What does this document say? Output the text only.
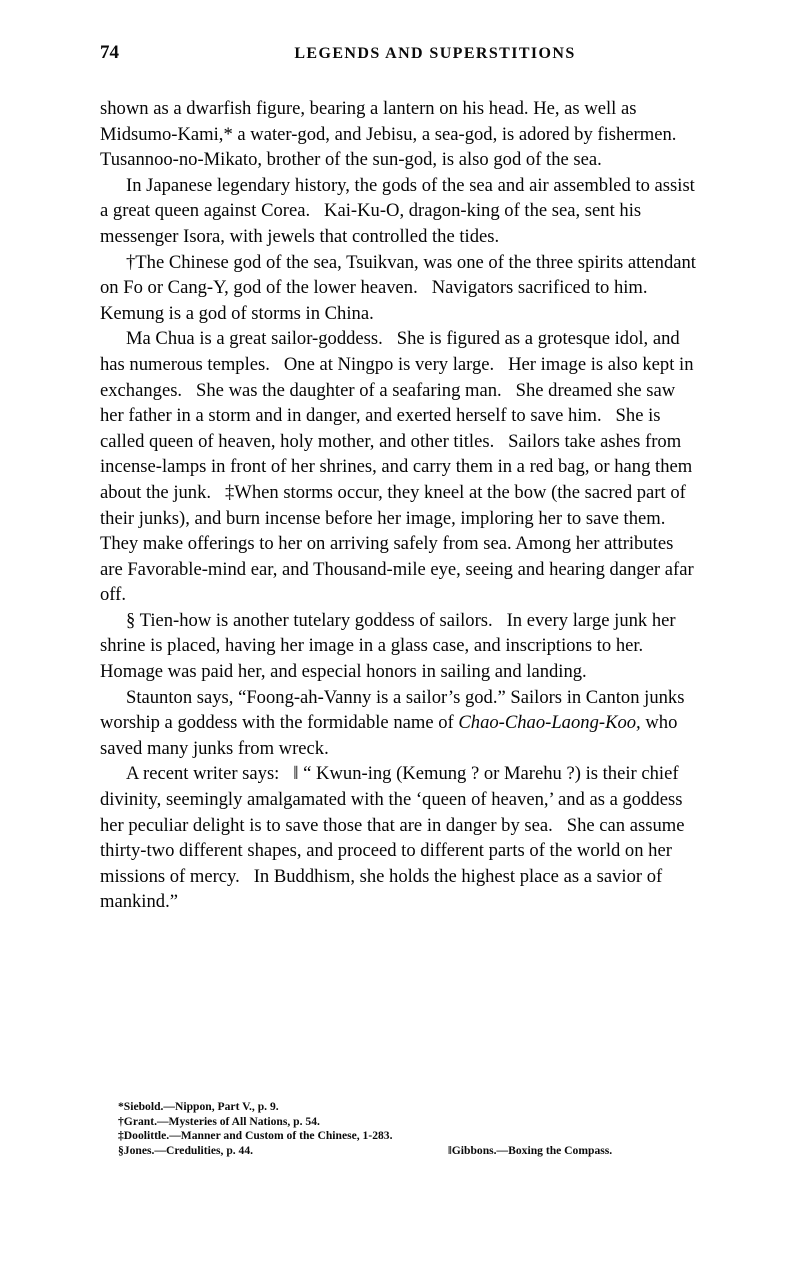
74	LEGENDS AND SUPERSTITIONS

shown as a dwarfish figure, bearing a lantern on his head. He, as well as Midsumo-Kami,* a water-god, and Jebisu, a sea-god, is adored by fishermen.   Tusannoo-no-Mikato, brother of the sun-god, is also god of the sea.

In Japanese legendary history, the gods of the sea and air assembled to assist a great queen against Corea.   Kai-Ku-O, dragon-king of the sea, sent his messenger Isora, with jewels that controlled the tides.

†The Chinese god of the sea, Tsuikvan, was one of the three spirits attendant on Fo or Cang-Y, god of the lower heaven.   Navigators sacrificed to him.   Kemung is a god of storms in China.

Ma Chua is a great sailor-goddess.   She is figured as a grotesque idol, and has numerous temples.   One at Ningpo is very large.   Her image is also kept in exchanges.   She was the daughter of a seafaring man.   She dreamed she saw her father in a storm and in danger, and exerted herself to save him.   She is called queen of heaven, holy mother, and other titles.   Sailors take ashes from incense-lamps in front of her shrines, and carry them in a red bag, or hang them about the junk.   ‡When storms occur, they kneel at the bow (the sacred part of their junks), and burn incense before her image, imploring her to save them. They make offerings to her on arriving safely from sea. Among her attributes are Favorable-mind ear, and Thousand-mile eye, seeing and hearing danger afar off.

§ Tien-how is another tutelary goddess of sailors.   In every large junk her shrine is placed, having her image in a glass case, and inscriptions to her.   Homage was paid her, and especial honors in sailing and landing.

Staunton says, “Foong-ah-Vanny is a sailor’s god.” Sailors in Canton junks worship a goddess with the formidable name of Chao-Chao-Laong-Koo, who saved many junks from wreck.

A recent writer says:   ‖ “ Kwun-ing (Kemung ? or Marehu ?) is their chief divinity, seemingly amalgamated with the ‘queen of heaven,’ and as a goddess her peculiar delight is to save those that are in danger by sea.   She can assume thirty-two different shapes, and proceed to different parts of the world on her missions of mercy.   In Buddhism, she holds the highest place as a savior of mankind.”

*Siebold.—Nippon, Part V., p. 9.
†Grant.—Mysteries of All Nations, p. 54.
‡Doolittle.—Manner and Custom of the Chinese, 1-283.
§Jones.—Credulities, p. 44.	‖Gibbons.—Boxing the Compass.
